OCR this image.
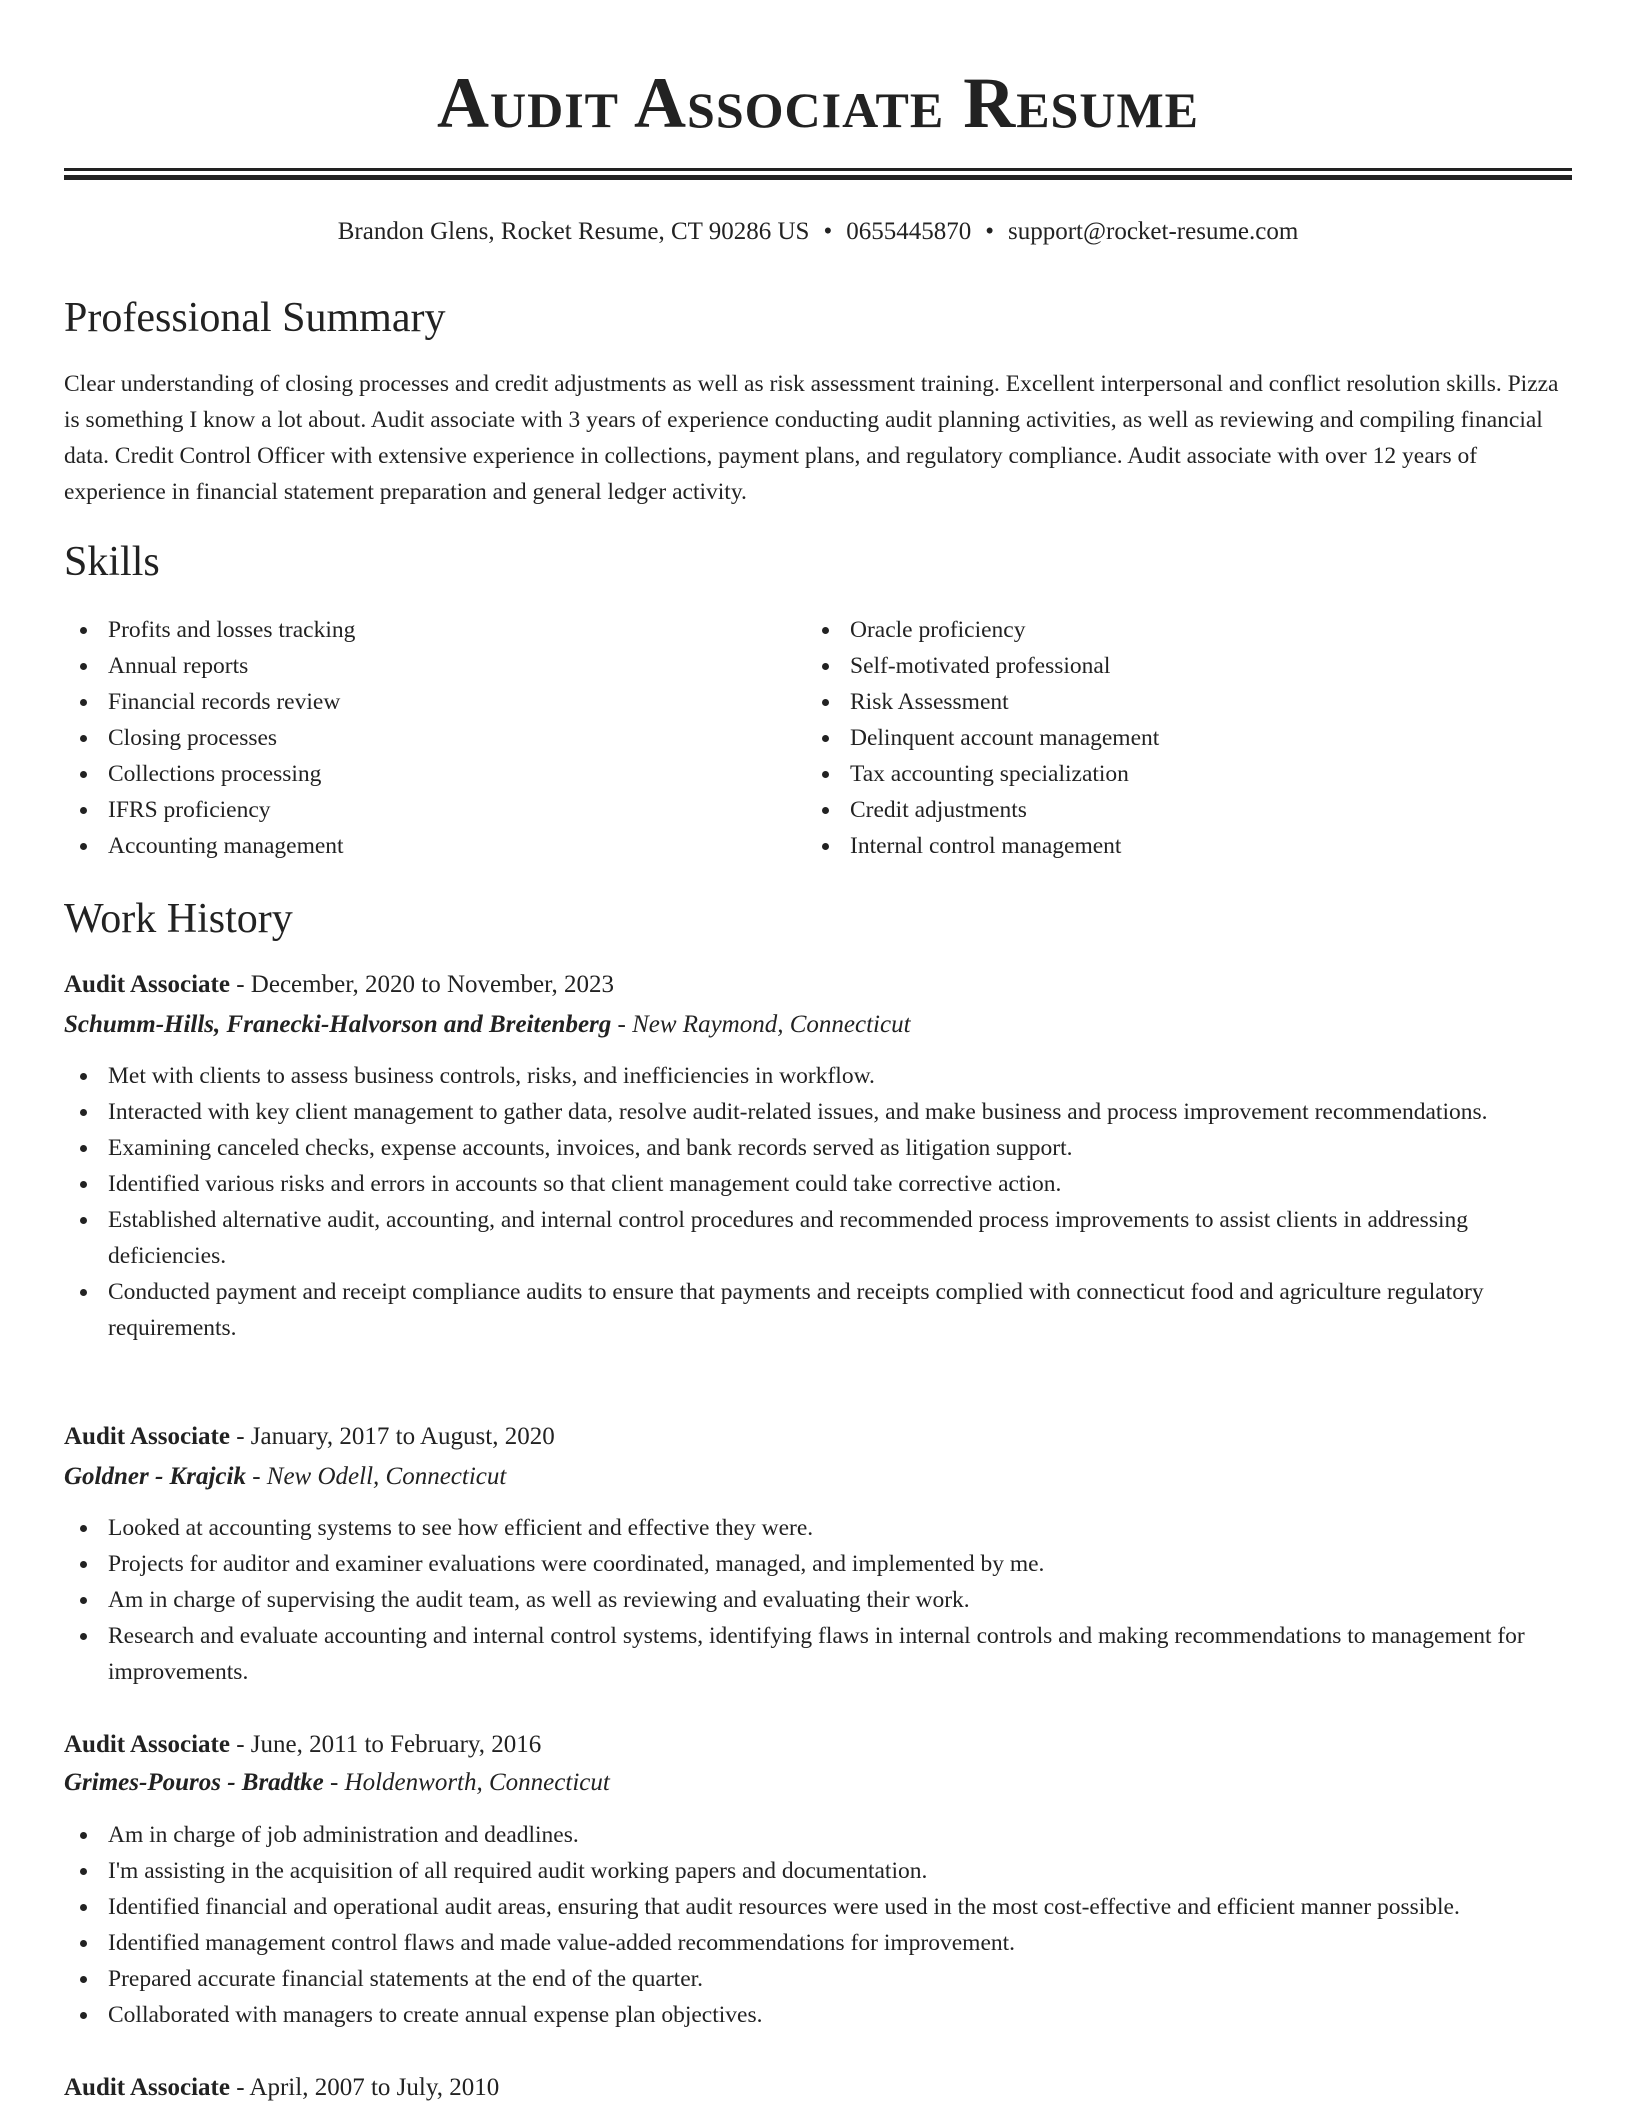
Audit Associate Resume
Brandon Glens, Rocket Resume, CT 90286 US • 0655445870 • support@rocket-resume.com
Professional Summary

Clear understanding of closing processes and credit adjustments as well as risk assessment training. Excellent interpersonal and conflict resolution skills. Pizza is something I know a lot about. Audit associate with 3 years of experience conducting audit planning activities, as well as reviewing and compiling financial data. Credit Control Officer with extensive experience in collections, payment plans, and regulatory compliance. Audit associate with over 12 years of experience in financial statement preparation and general ledger activity.

Skills
Profits and losses tracking
Annual reports
Financial records review
Closing processes
Collections processing
IFRS proficiency
Accounting management
Oracle proficiency
Self-motivated professional
Risk Assessment
Delinquent account management
Tax accounting specialization
Credit adjustments
Internal control management
Work History
Audit Associate - December, 2020 to November, 2023
Schumm-Hills, Franecki-Halvorson and Breitenberg - New Raymond, Connecticut
Met with clients to assess business controls, risks, and inefficiencies in workflow.
Interacted with key client management to gather data, resolve audit-related issues, and make business and process improvement recommendations.
Examining canceled checks, expense accounts, invoices, and bank records served as litigation support.
Identified various risks and errors in accounts so that client management could take corrective action.
Established alternative audit, accounting, and internal control procedures and recommended process improvements to assist clients in addressing deficiencies.
Conducted payment and receipt compliance audits to ensure that payments and receipts complied with connecticut food and agriculture regulatory requirements.
Audit Associate - January, 2017 to August, 2020
Goldner - Krajcik - New Odell, Connecticut
Looked at accounting systems to see how efficient and effective they were.
Projects for auditor and examiner evaluations were coordinated, managed, and implemented by me.
Am in charge of supervising the audit team, as well as reviewing and evaluating their work.
Research and evaluate accounting and internal control systems, identifying flaws in internal controls and making recommendations to management for improvements.
Audit Associate - June, 2011 to February, 2016
Grimes-Pouros - Bradtke - Holdenworth, Connecticut
Am in charge of job administration and deadlines.
I'm assisting in the acquisition of all required audit working papers and documentation.
Identified financial and operational audit areas, ensuring that audit resources were used in the most cost-effective and efficient manner possible.
Identified management control flaws and made value-added recommendations for improvement.
Prepared accurate financial statements at the end of the quarter.
Collaborated with managers to create annual expense plan objectives.
Audit Associate - April, 2007 to July, 2010
